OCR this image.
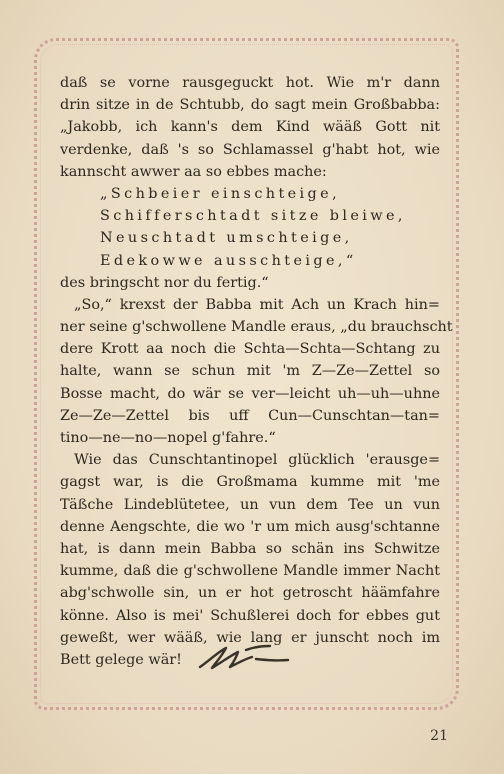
daß se vorne rausgeguckt hot. Wie m'r dann
drin sitze in de Schtubb, do sagt mein Großbabba:
„Jakobb, ich kann's dem Kind wääß Gott nit
verdenke, daß 's so Schlamassel g'habt hot, wie
kannscht awwer aa so ebbes mache:
„Schbeier einschteige,
Schifferschtadt sitze bleiwe,
Neuschtadt umschteige,
Edekowwe ausschteige,“
des bringscht nor du fertig.“
„So,“ krexst der Babba mit Ach un Krach hin=
ner seine g'schwollene Mandle eraus, „du brauchscht
dere Krott aa noch die Schta—Schta—Schtang zu
halte, wann se schun mit 'm Z—Ze—Zettel so
Bosse macht, do wär se ver—leicht uh—uh—uhne
Ze—Ze—Zettel bis uff Cun—Cunschtan—tan=
tino—ne—no—nopel g'fahre.“
Wie das Cunschtantinopel glücklich 'erausge=
gagst war, is die Großmama kumme mit 'me
Täßche Lindeblütetee, un vun dem Tee un vun
denne Aengschte, die wo 'r um mich ausg'schtanne
hat, is dann mein Babba so schän ins Schwitze
kumme, daß die g'schwollene Mandle immer Nacht
abg'schwolle sin, un er hot getroscht häämfahre
könne. Also is mei' Schußlerei doch for ebbes gut
geweßt, wer wääß, wie lang er junscht noch im
Bett gelege wär!
21
